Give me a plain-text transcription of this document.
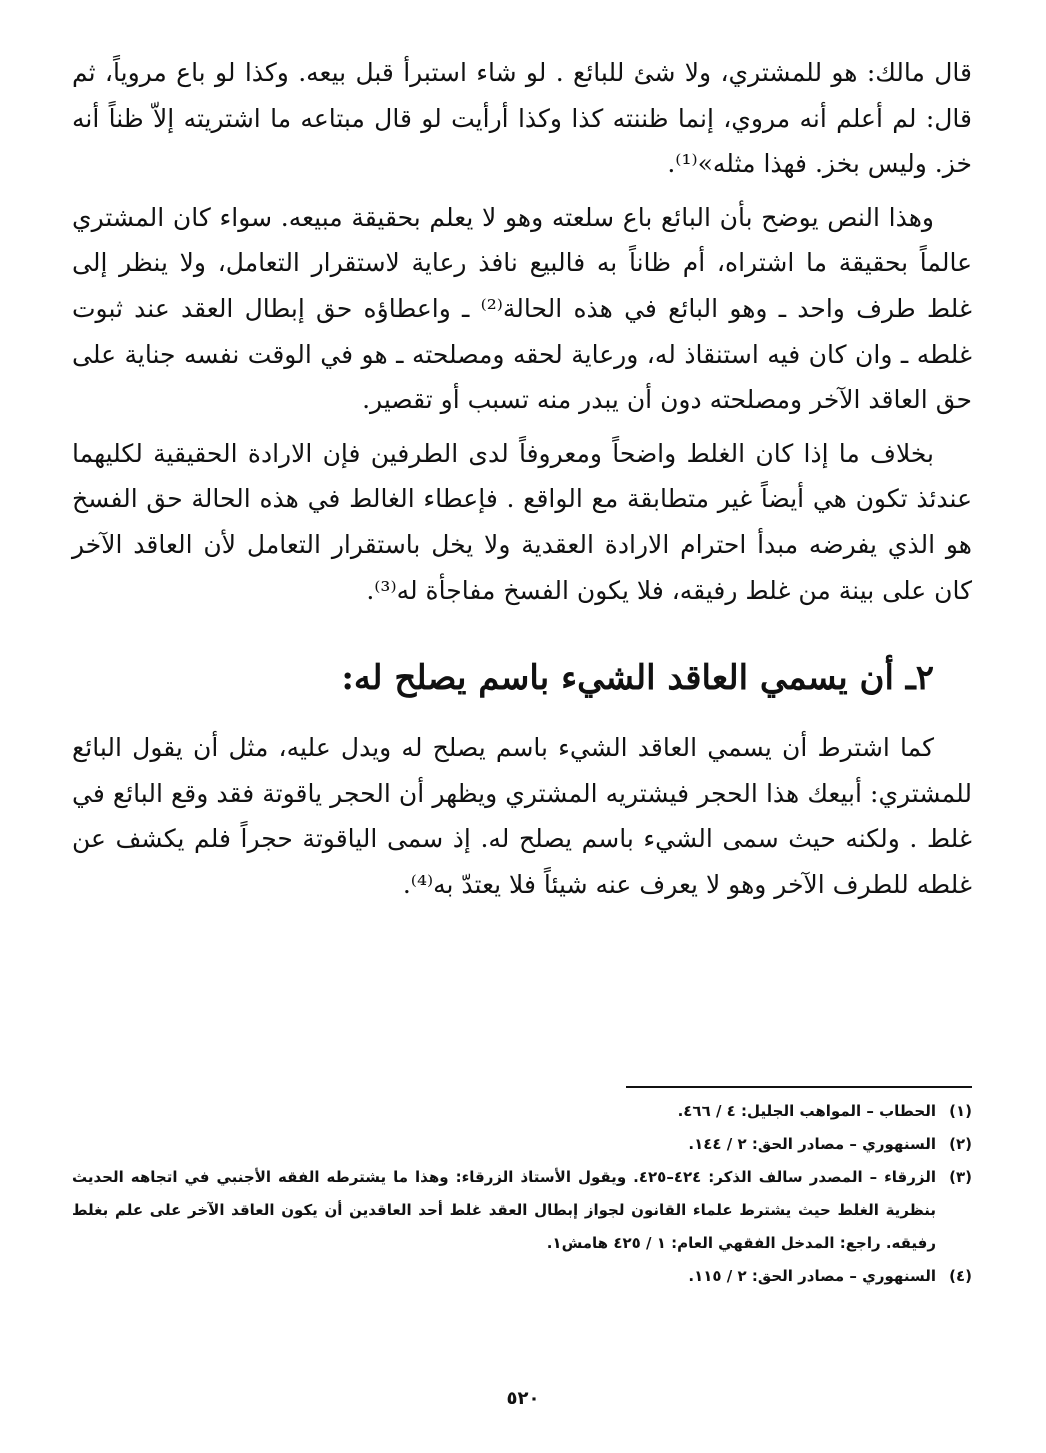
قال مالك: هو للمشتري، ولا شئ للبائع . لو شاء استبرأ قبل بيعه. وكذا لو باع مروياً، ثم قال: لم أعلم أنه مروي، إنما ظننته كذا وكذا أرأيت لو قال مبتاعه ما اشتريته إلاّ ظناً أنه خز. وليس بخز. فهذا مثله»⁽¹⁾.

وهذا النص يوضح بأن البائع باع سلعته وهو لا يعلم بحقيقة مبيعه. سواء كان المشتري عالماً بحقيقة ما اشتراه، أم ظاناً به فالبيع نافذ رعاية لاستقرار التعامل، ولا ينظر إلى غلط طرف واحد ـ وهو البائع في هذه الحالة⁽²⁾ ـ واعطاؤه حق إبطال العقد عند ثبوت غلطه ـ وان كان فيه استنقاذ له، ورعاية لحقه ومصلحته ـ هو في الوقت نفسه جناية على حق العاقد الآخر ومصلحته دون أن يبدر منه تسبب أو تقصير.

بخلاف ما إذا كان الغلط واضحاً ومعروفاً لدى الطرفين فإن الارادة الحقيقية لكليهما عندئذ تكون هي أيضاً غير متطابقة مع الواقع . فإعطاء الغالط في هذه الحالة حق الفسخ هو الذي يفرضه مبدأ احترام الارادة العقدية ولا يخل باستقرار التعامل لأن العاقد الآخر كان على بينة من غلط رفيقه، فلا يكون الفسخ مفاجأة له⁽³⁾.

٢ـ أن يسمي العاقد الشيء باسم يصلح له:

كما اشترط أن يسمي العاقد الشيء باسم يصلح له ويدل عليه، مثل أن يقول البائع للمشتري: أبيعك هذا الحجر فيشتريه المشتري ويظهر أن الحجر ياقوتة فقد وقع البائع في غلط . ولكنه حيث سمى الشيء باسم يصلح له. إذ سمى الياقوتة حجراً فلم يكشف عن غلطه للطرف الآخر وهو لا يعرف عنه شيئاً فلا يعتدّ به⁽⁴⁾.

(١)الحطاب – المواهب الجليل: ٤ / ٤٦٦.

(٢)السنهوري – مصادر الحق: ٢ / ١٤٤.

(٣)الزرقاء – المصدر سالف الذكر: ٤٢٤–٤٢٥. ويقول الأستاذ الزرقاء: وهذا ما يشترطه الفقه الأجنبي في اتجاهه الحديث بنظرية الغلط حيث يشترط علماء القانون لجواز إبطال العقد غلط أحد العاقدين أن يكون العاقد الآخر على علم بغلط رفيقه. راجع: المدخل الفقهي العام: ١ / ٤٢٥ هامش١.

(٤)السنهوري – مصادر الحق: ٢ / ١١٥.

٥٢٠
